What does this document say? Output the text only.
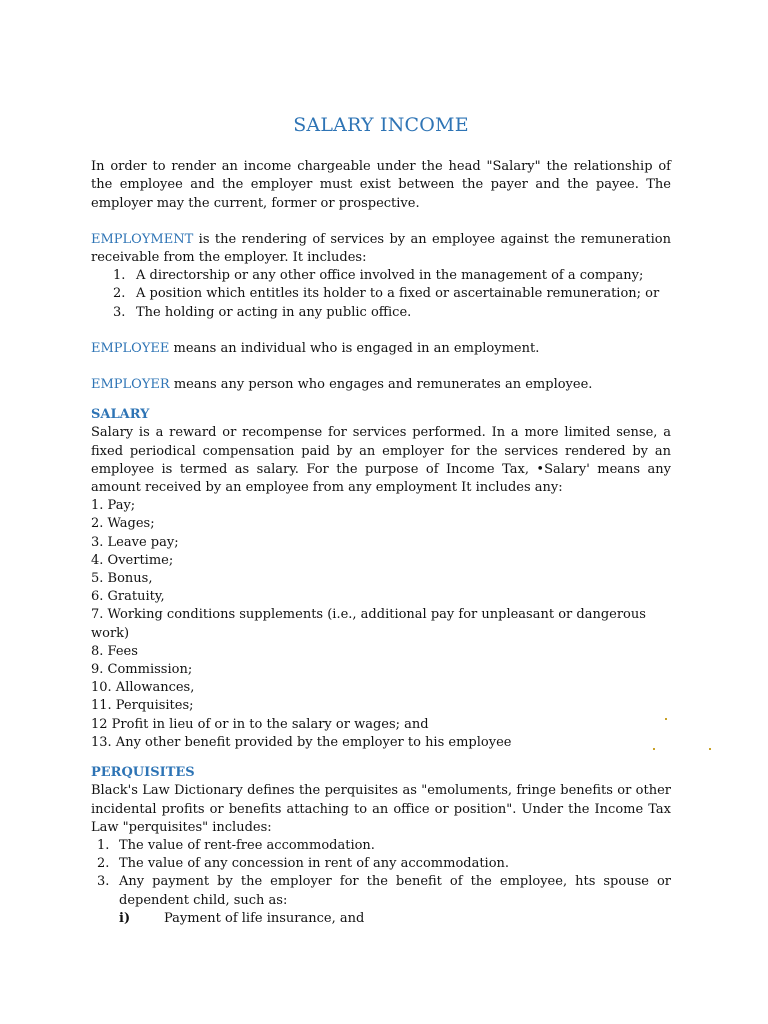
SALARY INCOME

In order to render an income chargeable under the head "Salary" the relationship of the employee and the employer must exist between the payer and the payee. The employer may the current, former or prospective.

EMPLOYMENT is the rendering of services by an employee against the remuneration receivable from the employer. It includes:

1. A directorship or any other office involved in the management of a company;
2. A position which entitles its holder to a fixed or ascertainable remuneration; or
3. The holding or acting in any public office.

EMPLOYEE means an individual who is engaged in an employment.

EMPLOYER means any person who engages and remunerates an employee.

SALARY

Salary is a reward or recompense for services performed. In a more limited sense, a fixed periodical compensation paid by an employer for the services rendered by an employee is termed as salary. For the purpose of Income Tax, •Salary' means any amount received by an employee from any employment It includes any:

1. Pay;
2. Wages;
3. Leave pay;
4. Overtime;
5. Bonus,
6. Gratuity,
7. Working conditions supplements (i.e., additional pay for unpleasant or dangerous work)
8. Fees
9. Commission;
10. Allowances,
11. Perquisites;
12 Profit in lieu of or in to the salary or wages; and
13. Any other benefit provided by the employer to his employee
PERQUISITES

Black's Law Dictionary defines the perquisites as "emoluments, fringe benefits or other incidental profits or benefits attaching to an office or position". Under the Income Tax Law "perquisites" includes:

1. The value of rent-free accommodation.
2. The value of any concession in rent of any accommodation.
3. Any payment by the employer for the benefit of the employee, hts spouse or dependent child, such as:
i)	Payment of life insurance, and
